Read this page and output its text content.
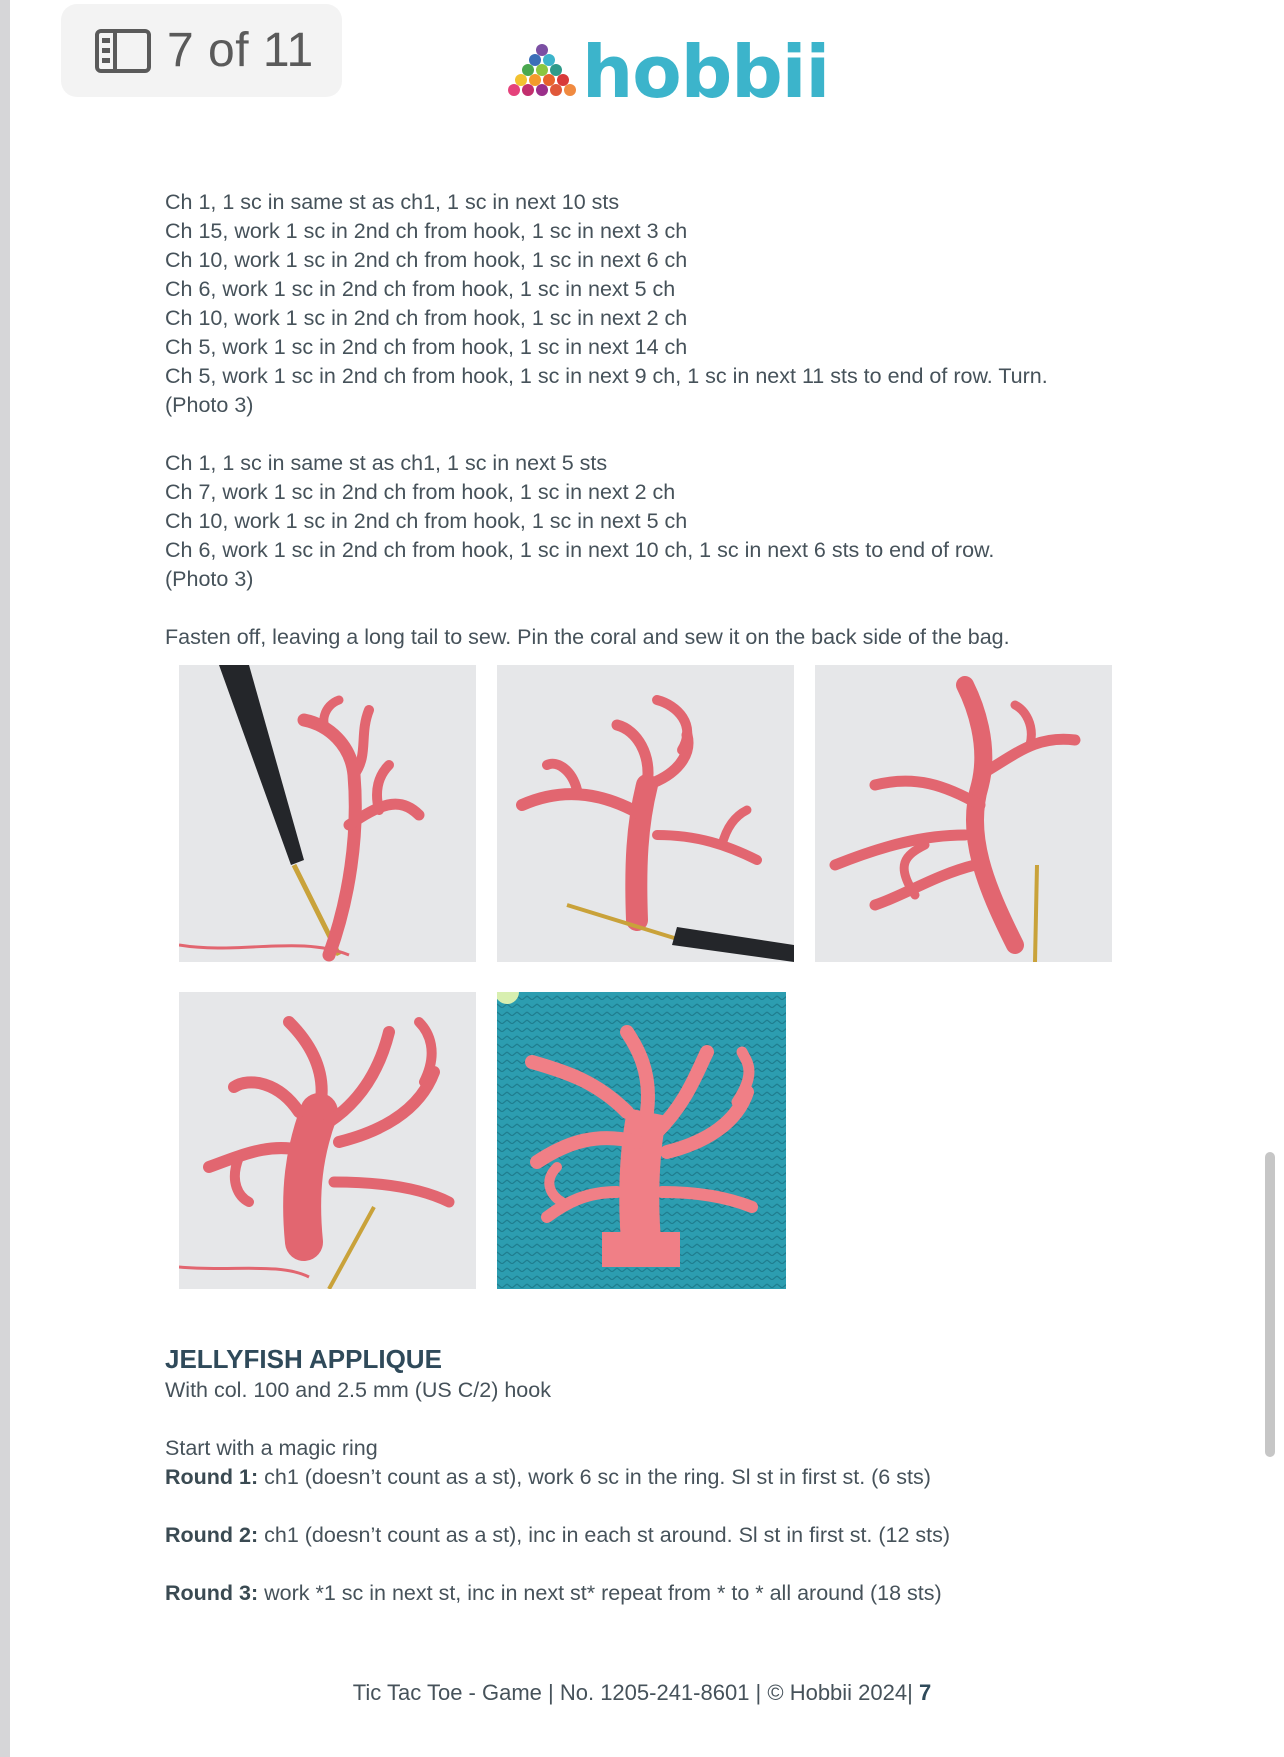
7 of 11	hobbii

Ch 1, 1 sc in same st as ch1, 1 sc in next 10 sts

Ch 15, work 1 sc in 2nd ch from hook, 1 sc in next 3 ch

Ch 10, work 1 sc in 2nd ch from hook, 1 sc in next 6 ch

Ch 6, work 1 sc in 2nd ch from hook, 1 sc in next 5 ch

Ch 10, work 1 sc in 2nd ch from hook, 1 sc in next 2 ch

Ch 5, work 1 sc in 2nd ch from hook, 1 sc in next 14 ch

Ch 5, work 1 sc in 2nd ch from hook, 1 sc in next 9 ch, 1 sc in next 11 sts to end of row. Turn.

(Photo 3)

Ch 1, 1 sc in same st as ch1, 1 sc in next 5 sts

Ch 7, work 1 sc in 2nd ch from hook, 1 sc in next 2 ch

Ch 10, work 1 sc in 2nd ch from hook, 1 sc in next 5 ch

Ch 6, work 1 sc in 2nd ch from hook, 1 sc in next 10 ch, 1 sc in next 6 sts to end of row.

(Photo 3)

Fasten off, leaving a long tail to sew. Pin the coral and sew it on the back side of the bag.

JELLYFISH APPLIQUE

With col. 100 and 2.5 mm (US C/2) hook

Start with a magic ring

Round 1: ch1 (doesn’t count as a st), work 6 sc in the ring. Sl st in first st. (6 sts)

Round 2: ch1 (doesn’t count as a st), inc in each st around. Sl st in first st. (12 sts)

Round 3: work *1 sc in next st, inc in next st* repeat from * to * all around (18 sts)

Tic Tac Toe - Game | No. 1205-241-8601 | © Hobbii 2024| 7
